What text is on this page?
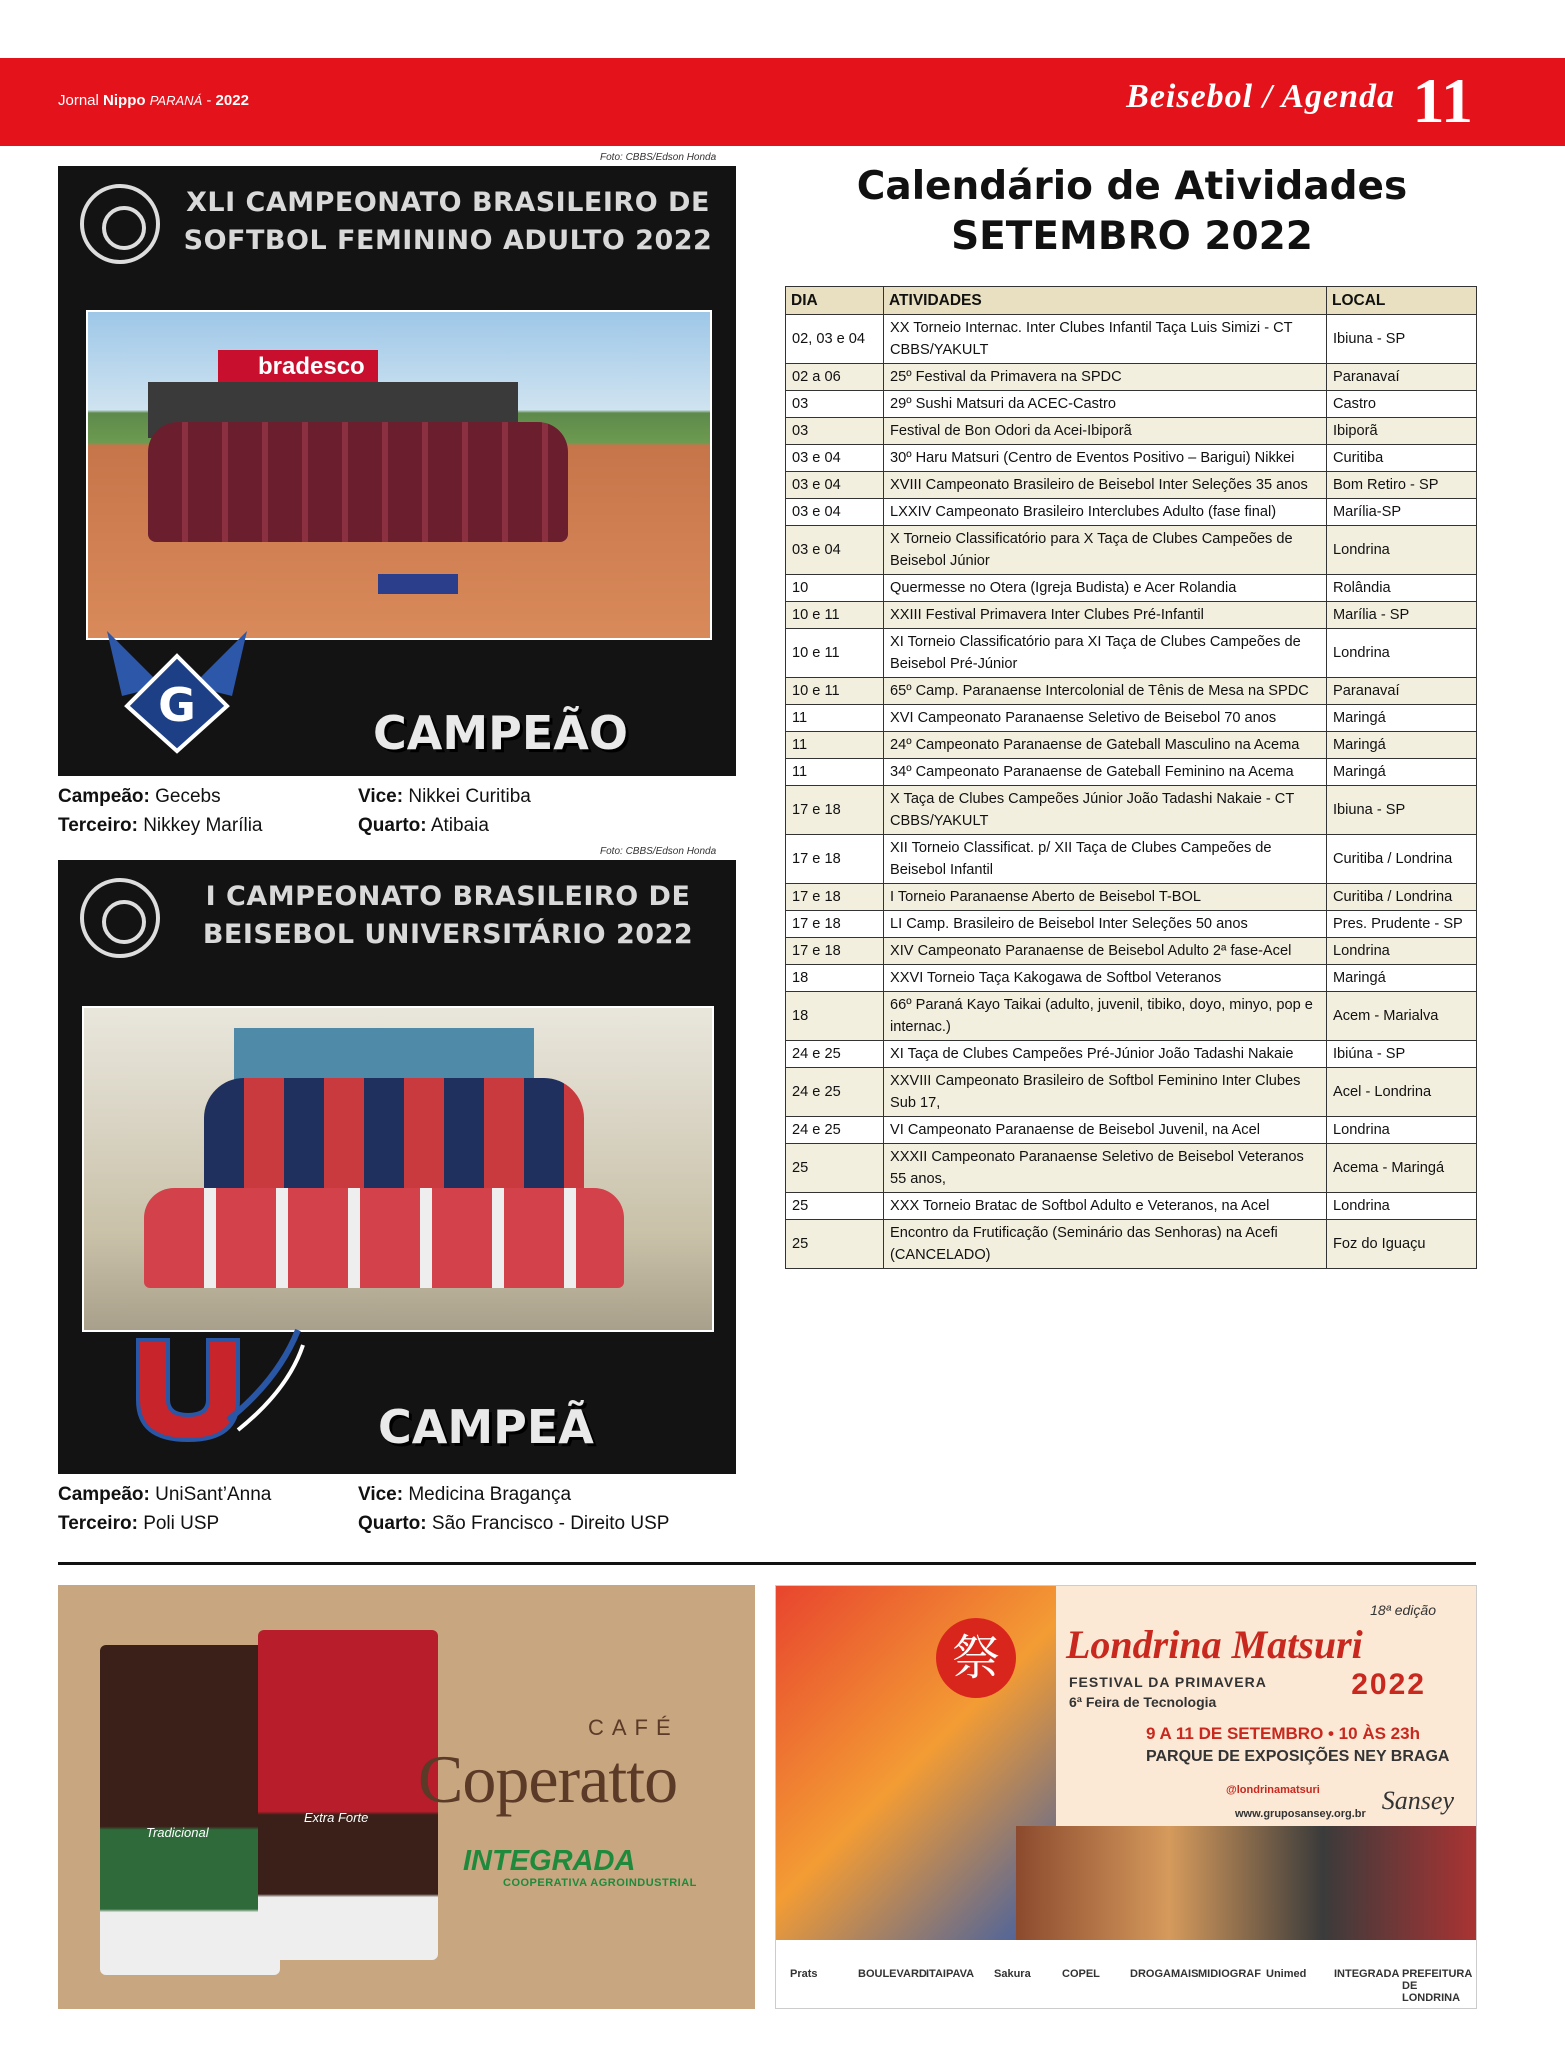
Jornal Nippo PARANÁ - 2022	Beisebol / Agenda 11
Foto: CBBS/Edson Honda
XLI CAMPEONATO BRASILEIRO DE
SOFTBOL FEMININO ADULTO 2022
bradesco
G
CAMPEÃO
Campeão: Gecebs	Vice: Nikkei Curitiba
Terceiro: Nikkey Marília	Quarto: Atibaia
Foto: CBBS/Edson Honda
I CAMPEONATO BRASILEIRO DE
BEISEBOL UNIVERSITÁRIO 2022
CAMPEÃ
Campeão: UniSant’Anna	Vice: Medicina Bragança
Terceiro: Poli USP	Quarto: São Francisco - Direito USP
Calendário de Atividades
SETEMBRO 2022
DIA	ATIVIDADES	LOCAL
02, 03 e 04	XX Torneio Internac. Inter Clubes Infantil Taça Luis Simizi - CT CBBS/YAKULT	Ibiuna - SP
02 a 06	25º Festival da Primavera na SPDC	Paranavaí
03	29º Sushi Matsuri da ACEC-Castro	Castro
03	Festival de Bon Odori da Acei-Ibiporã	Ibiporã
03 e 04	30º Haru Matsuri (Centro de Eventos Positivo – Barigui) Nikkei	Curitiba
03 e 04	XVIII Campeonato Brasileiro de Beisebol Inter Seleções 35 anos	Bom Retiro - SP
03 e 04	LXXIV Campeonato Brasileiro Interclubes Adulto (fase final)	Marília-SP
03 e 04	X Torneio Classificatório para X Taça de Clubes Campeões de Beisebol Júnior	Londrina
10	Quermesse no Otera (Igreja Budista) e Acer Rolandia	Rolândia
10 e 11	XXIII Festival Primavera Inter Clubes Pré-Infantil	Marília - SP
10 e 11	XI Torneio Classificatório para XI Taça de Clubes Campeões de Beisebol Pré-Júnior	Londrina
10 e 11	65º Camp. Paranaense Intercolonial de Tênis de Mesa na SPDC	Paranavaí
11	XVI Campeonato Paranaense Seletivo de Beisebol 70 anos	Maringá
11	24º Campeonato Paranaense de Gateball Masculino na Acema	Maringá
11	34º Campeonato Paranaense de Gateball Feminino na Acema	Maringá
17 e 18	X Taça de Clubes Campeões Júnior João Tadashi Nakaie - CT CBBS/YAKULT	Ibiuna - SP
17 e 18	XII Torneio Classificat. p/ XII Taça de Clubes Campeões de Beisebol Infantil	Curitiba / Londrina
17 e 18	I Torneio Paranaense Aberto de Beisebol T-BOL	Curitiba / Londrina
17 e 18	LI Camp. Brasileiro de Beisebol Inter Seleções 50 anos	Pres. Prudente - SP
17 e 18	XIV Campeonato Paranaense de Beisebol Adulto 2ª fase-Acel	Londrina
18	XXVI Torneio Taça Kakogawa de Softbol Veteranos	Maringá
18	66º Paraná Kayo Taikai (adulto, juvenil, tibiko, doyo, minyo, pop e internac.)	Acem - Marialva
24 e 25	XI Taça de Clubes Campeões Pré-Júnior João Tadashi Nakaie	Ibiúna - SP
24 e 25	XXVIII Campeonato Brasileiro de Softbol Feminino Inter Clubes Sub 17,	Acel - Londrina
24 e 25	VI Campeonato Paranaense de Beisebol Juvenil, na Acel	Londrina
25	XXXII Campeonato Paranaense Seletivo de Beisebol Veteranos 55 anos,	Acema - Maringá
25	XXX Torneio Bratac de Softbol Adulto e Veteranos, na Acel	Londrina
25	Encontro da Frutificação (Seminário das Senhoras) na Acefi (CANCELADO)	Foz do Iguaçu
Tradicional
Extra Forte
CAFÉ
Coperatto
INTEGRADA
COOPERATIVA AGROINDUSTRIAL
祭
18ª edição
Londrina Matsuri
FESTIVAL DA PRIMAVERA
6ª Feira de Tecnologia
2022
9 A 11 DE SETEMBRO • 10 ÀS 23h
PARQUE DE EXPOSIÇÕES NEY BRAGA
@londrinamatsuri
www.gruposansey.org.br Sansey
Prats	BOULEVARD ITAIPAVA Sakura	COPEL	DROGAMAIS MIDIOGRAF Unimed	INTEGRADA PREFEITURA DE LONDRINA
